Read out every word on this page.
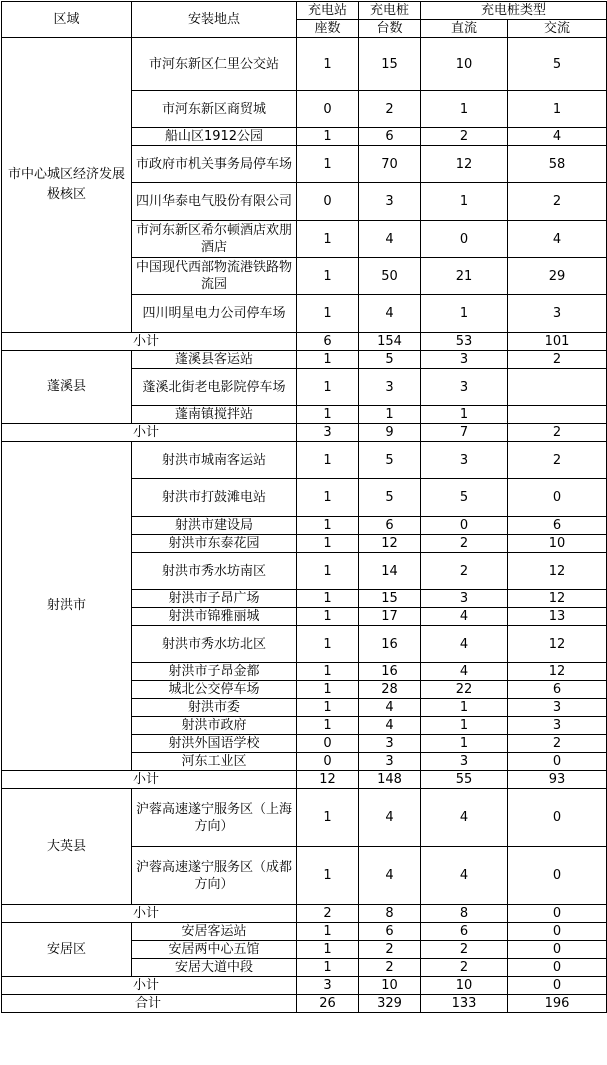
区域	安装地点	充电站	充电桩	充电桩类型	
		座数	台数	直流	交流
市中心城区经济发展极核区	市河东新区仁里公交站	1	15	10	5
	市河东新区商贸城	0	2	1	1
	船山区1912公园	1	6	2	4
	市政府市机关事务局停车场	1	70	12	58
	四川华泰电气股份有限公司	0	3	1	2
	市河东新区希尔顿酒店欢朋酒店	1	4	0	4
	中国现代西部物流港铁路物流园	1	50	21	29
	四川明星电力公司停车场	1	4	1	3
小计		6	154	53	101
蓬溪县	蓬溪县客运站	1	5	3	2
	蓬溪北街老电影院停车场	1	3	3	
	蓬南镇搅拌站	1	1	1	
小计		3	9	7	2
射洪市	射洪市城南客运站	1	5	3	2
	射洪市打鼓滩电站	1	5	5	0
	射洪市建设局	1	6	0	6
	射洪市东泰花园	1	12	2	10
	射洪市秀水坊南区	1	14	2	12
	射洪市子昂广场	1	15	3	12
	射洪市锦雅丽城	1	17	4	13
	射洪市秀水坊北区	1	16	4	12
	射洪市子昂金都	1	16	4	12
	城北公交停车场	1	28	22	6
	射洪市委	1	4	1	3
	射洪市政府	1	4	1	3
	射洪外国语学校	0	3	1	2
	河东工业区	0	3	3	0
小计		12	148	55	93
大英县	沪蓉高速遂宁服务区（上海方向）	1	4	4	0
	沪蓉高速遂宁服务区（成都方向）	1	4	4	0
小计		2	8	8	0
安居区	安居客运站	1	6	6	0
	安居两中心五馆	1	2	2	0
	安居大道中段	1	2	2	0
小计		3	10	10	0
合计		26	329	133	196
